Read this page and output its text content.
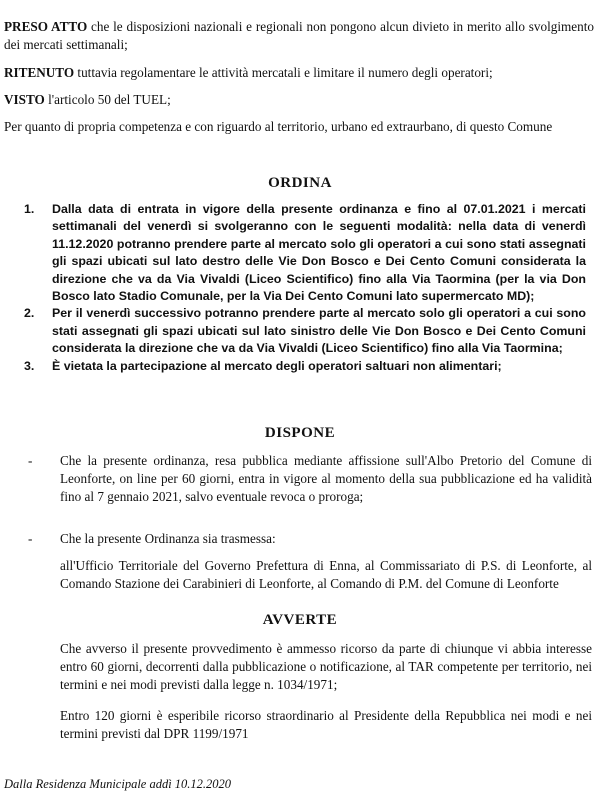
PRESO ATTO che le disposizioni nazionali e regionali non pongono alcun divieto in merito allo svolgimento dei mercati settimanali;
RITENUTO tuttavia regolamentare le attività mercatali e limitare il numero degli operatori;
VISTO l'articolo 50 del TUEL;
Per quanto di propria competenza e con riguardo al territorio, urbano ed extraurbano, di questo Comune
ORDINA
1.	Dalla data di entrata in vigore della presente ordinanza e fino al 07.01.2021 i mercati settimanali del venerdì si svolgeranno con le seguenti modalità: nella data di venerdì 11.12.2020 potranno prendere parte al mercato solo gli operatori a cui sono stati assegnati gli spazi ubicati sul lato destro delle Vie Don Bosco e Dei Cento Comuni considerata la direzione che va da Via Vivaldi (Liceo Scientifico) fino alla Via Taormina (per la via Don Bosco lato Stadio Comunale, per la Via Dei Cento Comuni lato supermercato MD);
2.	Per il venerdì successivo potranno prendere parte al mercato solo gli operatori a cui sono stati assegnati gli spazi ubicati sul lato sinistro delle Vie Don Bosco e Dei Cento Comuni considerata la direzione che va da Via Vivaldi (Liceo Scientifico) fino alla Via Taormina;
3.	È vietata la partecipazione al mercato degli operatori saltuari non alimentari;
DISPONE
-	Che la presente ordinanza, resa pubblica mediante affissione sull'Albo Pretorio del Comune di Leonforte, on line per 60 giorni, entra in vigore al momento della sua pubblicazione ed ha validità fino al 7 gennaio 2021, salvo eventuale revoca o proroga;
-	Che la presente Ordinanza sia trasmessa:
all'Ufficio Territoriale del Governo Prefettura di Enna, al Commissariato di P.S. di Leonforte, al Comando Stazione dei Carabinieri di Leonforte, al Comando di P.M. del Comune di Leonforte
AVVERTE
Che avverso il presente provvedimento è ammesso ricorso da parte di chiunque vi abbia interesse entro 60 giorni, decorrenti dalla pubblicazione o notificazione, al TAR competente per territorio, nei termini e nei modi previsti dalla legge n. 1034/1971;
Entro 120 giorni è esperibile ricorso straordinario al Presidente della Repubblica nei modi e nei termini previsti dal DPR 1199/1971
Dalla Residenza Municipale addì 10.12.2020
